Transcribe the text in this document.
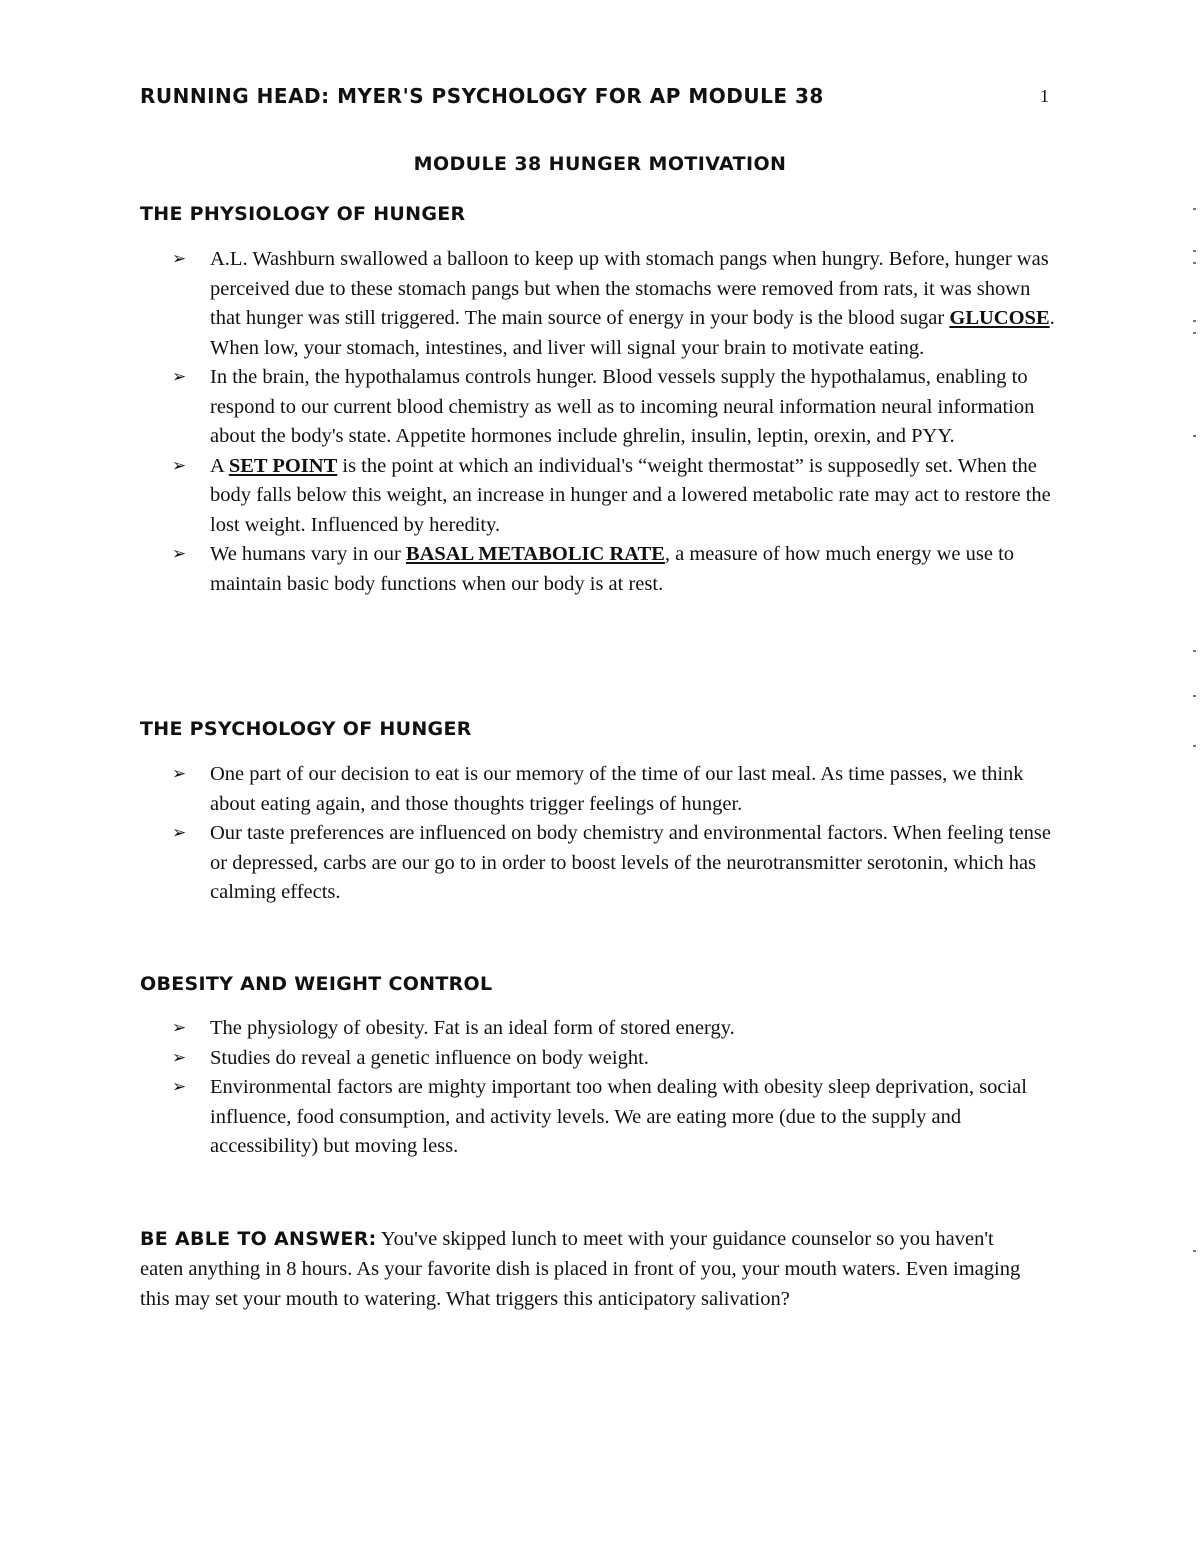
RUNNING HEAD: MYER'S PSYCHOLOGY FOR AP MODULE 38	1
MODULE 38 HUNGER MOTIVATION
THE PHYSIOLOGY OF HUNGER
➢	A.L. Washburn swallowed a balloon to keep up with stomach pangs when hungry. Before, hunger was perceived due to these stomach pangs but when the stomachs were removed from rats, it was shown that hunger was still triggered. The main source of energy in your body is the blood sugar GLUCOSE. When low, your stomach, intestines, and liver will signal your brain to motivate eating.
➢	In the brain, the hypothalamus controls hunger. Blood vessels supply the hypothalamus, enabling to respond to our current blood chemistry as well as to incoming neural information neural information about the body's state. Appetite hormones include ghrelin, insulin, leptin, orexin, and PYY.
➢	A SET POINT is the point at which an individual's “weight thermostat” is supposedly set. When the body falls below this weight, an increase in hunger and a lowered metabolic rate may act to restore the lost weight. Influenced by heredity.
➢	We humans vary in our BASAL METABOLIC RATE, a measure of how much energy we use to maintain basic body functions when our body is at rest.
THE PSYCHOLOGY OF HUNGER
➢	One part of our decision to eat is our memory of the time of our last meal. As time passes, we think about eating again, and those thoughts trigger feelings of hunger.
➢	Our taste preferences are influenced on body chemistry and environmental factors. When feeling tense or depressed, carbs are our go to in order to boost levels of the neurotransmitter serotonin, which has calming effects.
OBESITY AND WEIGHT CONTROL
➢	The physiology of obesity. Fat is an ideal form of stored energy.
➢	Studies do reveal a genetic influence on body weight.
➢	Environmental factors are mighty important too when dealing with obesity sleep deprivation, social influence, food consumption, and activity levels. We are eating more (due to the supply and accessibility) but moving less.
BE ABLE TO ANSWER: You've skipped lunch to meet with your guidance counselor so you haven't eaten anything in 8 hours. As your favorite dish is placed in front of you, your mouth waters. Even imaging this may set your mouth to watering. What triggers this anticipatory salivation?
